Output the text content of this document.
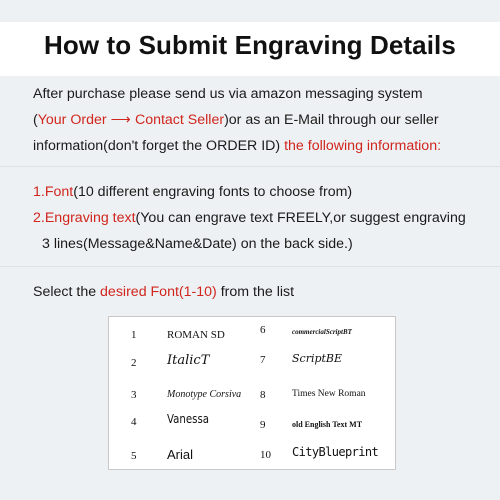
How to Submit Engraving Details
After purchase please send us via amazon messaging system
(Your Order ⟶ Contact Seller)or as an E-Mail through our seller
information(don't forget the ORDER ID) the following information:
1.Font(10 different engraving fonts to choose from)
2.Engraving text(You can engrave text FREELY,or suggest engraving
3 lines(Message&Name&Date) on the back side.)
Select the desired Font(1-10) from the list
1	ROMAN SD
2 ItalicT
3	Monotype Corsiva
4	Vanessa
5 Arial
6	commercialScriptBT
7 ScriptBE
8	Times New Roman
9	old English Text MT
10 CityBlueprint
